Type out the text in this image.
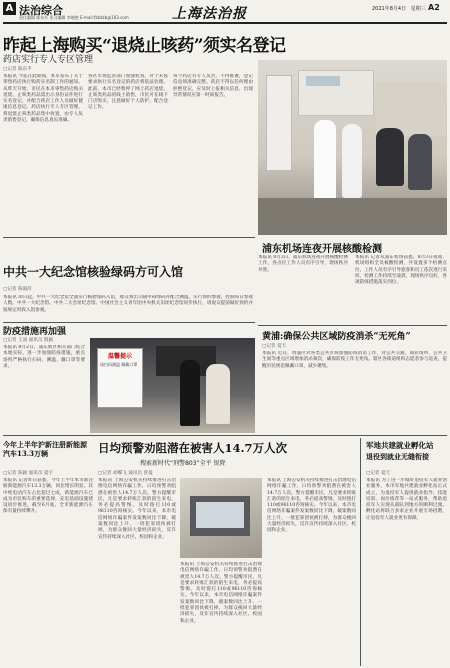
A 法治综合
责任编辑 陈东升 见习编辑 李晓艳 E-mail:fzbdzb@163.com	上海法治报	2021年8月4日 星期三 A2
昨起上海购买“退烧止咳药”须实名登记
药店实行专人专区管理
□记者 陈东平
本报讯 今起在此期间，本市发布了关于零售药店执行购药实名制工作的通知。从昨天开始，市民在本市零售药店购买退烧、止咳类药品需出示身份证件进行实名登记，并配合药店工作人员做好健康信息登记。药店执行专人专区管理，将退烧止咳类药品集中放置，由专人负责销售登记，确保信息真实准确。
各区市场监管部门加强检查，对于未按要求执行实名登记的药店将依法处理。此前，本市已经暂停了网上药店退烧、止咳类药品的线上销售，市民可在线下门店购买，注意做好个人防护，配合登记工作。
每个药店有专人负责，不得推诿，登记信息须准确完整。药店不得以任何理由拒绝登记，应及时上报相关信息，出现异常情况应第一时间报告。
浦东机场连夜开展核酸检测
本报讯 8月3日，浦东机场连夜开展核酸检测工作，各点位工作人员有序引导，现场秩序井然。
本报讯 记者从浦东机场获悉，8月3日夜间，机场组织全员核酸检测，共设置多个检测点位，工作人员有序引导旅客和员工依次进行采样。检测工作持续至凌晨，现场秩序良好，各项防疫措施落实到位。
中共一大纪念馆核验绿码方可入馆
□记者 陈毅萍
本报讯 即日起，中共一大纪念馆全面实行核验绿码入馆，观众须出示随申码绿码并配合测温，实行预约参观，控制每日参观人数。中共一大纪念馆、中共二大会址纪念馆、中国社会主义青年团中央机关旧址纪念馆同步执行，请观众提前做好预约并按规定时段入馆参观。
黄浦:确保公共区域防疫消杀“无死角”
□记者 夏天
本报讯 近日，黄浦区对各类公共区域加强防疫消杀工作，对公共交通、商业场所、公共卫生间等重点区域增加消杀频次，确保防疫工作无死角。辖区各街道组织志愿者参与巡查，提醒市民规范佩戴口罩，减少聚集。
防疫措施再加强
□记者 王凌 通讯员 殷颖
本报讯 8月2日，浦东新区相关部门结合本地实际，进一步加强防疫措施，重点场所严格执行扫码、测温、戴口罩等要求。
温馨提示
请扫码测温 佩戴口罩
今年上半年沪新注册新能源汽车13.3万辆
□记者 陈颖 通讯员 夏宇
本报讯 记者昨日获悉，今年上半年本市新注册新能源汽车13.3万辆，同比增长明显。其中纯电动汽车占比超过七成，新能源汽车已成为市民购车的重要选择，充电基础设施建设同步推进。截至6月底，全市新能源汽车保有量持续攀升。
日均预警劝阻潜在被害人14.7万人次
搜索新时代“刑警803”全平 锐降
□记者 胡蝶飞 通讯员 曾曼
本报讯 上海公安机关持续推进打击治理电信网络诈骗工作，日均预警劝阻潜在被害人14.7万人次。警方提醒市民，凡是要求转账汇款的陌生来电，务必提高警惕，及时拨打110或96110咨询核实。今年以来，本市电信网络诈骗案件发案数同比下降，破案数同比上升，一批犯罪团伙被打掉，为群众挽回大量经济损失，反诈宣传持续深入社区、校园和企业。
本报讯 上海公安机关持续推进打击治理电信网络诈骗工作，日均预警劝阻潜在被害人14.7万人次。警方提醒市民，凡是要求转账汇款的陌生来电，务必提高警惕，及时拨打110或96110咨询核实。今年以来，本市电信网络诈骗案件发案数同比下降，破案数同比上升，一批犯罪团伙被打掉，为群众挽回大量经济损失，反诈宣传持续深入社区、校园和企业。
军地共建就业孵化站
退役到就业无缝衔接
□记者 夏天
本报讯 为了进一步做好退役军人就业创业服务，本市军地共建就业孵化站正式成立，为退役军人提供就业指导、技能培训、岗位推荐等一站式服务，帮助退役军人实现从部队到地方的顺利过渡。孵化站将联合多家企业开展专场招聘，让退役军人就业更有保障。
本报讯 上海公安机关持续推进打击治理电信网络诈骗工作，日均预警劝阻潜在被害人14.7万人次。警方提醒市民，凡是要求转账汇款的陌生来电，务必提高警惕，及时拨打110或96110咨询核实。今年以来，本市电信网络诈骗案件发案数同比下降，破案数同比上升，一批犯罪团伙被打掉，为群众挽回大量经济损失，反诈宣传持续深入社区、校园和企业。
